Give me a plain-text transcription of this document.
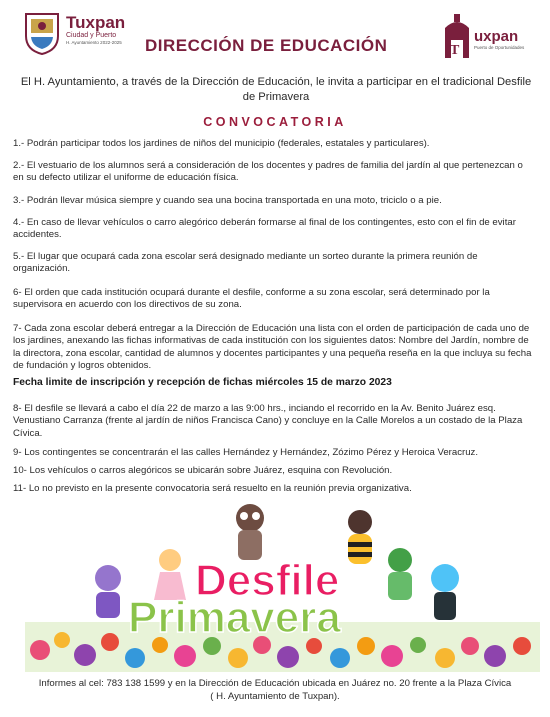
Tuxpan
Ciudad y Puerto
H. Ayuntamiento 2022-2025 DIRECCIÓN DE EDUCACIÓN	T
uxpan
Puerto de Oportunidades
El H. Ayuntamiento, a través de la Dirección de Educación, le invita a participar en el tradicional Desfile de Primavera
CONVOCATORIA
1.- Podrán participar todos los jardines de niños del municipio (federales, estatales y particulares).
2.- El vestuario de los alumnos será a consideración de los docentes y padres de familia del jardín al que pertenezcan o en su defecto utilizar el uniforme de educación física.
3.- Podrán llevar música siempre y cuando sea una bocina transportada en una moto, triciclo o a pie.
4.- En caso de llevar vehículos o carro alegórico deberán formarse al final de los contingentes, esto con el fin de evitar accidentes.
5.- El lugar que ocupará cada zona escolar será designado mediante un sorteo durante la primera reunión de organización.
6- El orden que cada institución ocupará durante el desfile, conforme a su zona escolar, será determinado por la supervisora en acuerdo con los directivos de su zona.
7- Cada zona escolar deberá entregar a la Dirección de Educación una lista con el orden de participación de cada uno de los jardines, anexando las fichas informativas de cada institución con los siguientes datos: Nombre del Jardín, nombre de la directora, zona escolar, cantidad de alumnos y docentes participantes y una pequeña reseña en la que incluya su fecha de fundación y logros obtenidos.
Fecha limite de inscripción y recepción de fichas miércoles 15 de marzo 2023
8- El desfile se llevará a cabo el día 22 de marzo a las 9:00 hrs., inciando el recorrido en la Av. Benito Juárez esq. Venustiano Carranza (frente al jardín de niños Francisca Cano) y concluye en la Calle Morelos a un costado de la Plaza Cívica.
9- Los contingentes se concentrarán el las calles Hernández y Hernández, Zózimo Pérez y Heroica Veracruz.
10- Los vehículos o carros alegóricos se ubicarán sobre Juárez, esquina con Revolución.
11- Lo no previsto en la presente convocatoria será resuelto en la reunión previa organizativa.
Desfile
Primavera
Informes al cel: 783 138 1599 y en la Dirección de Educación ubicada en Juárez no. 20 frente a la Plaza Cívica
( H. Ayuntamiento de Tuxpan).
